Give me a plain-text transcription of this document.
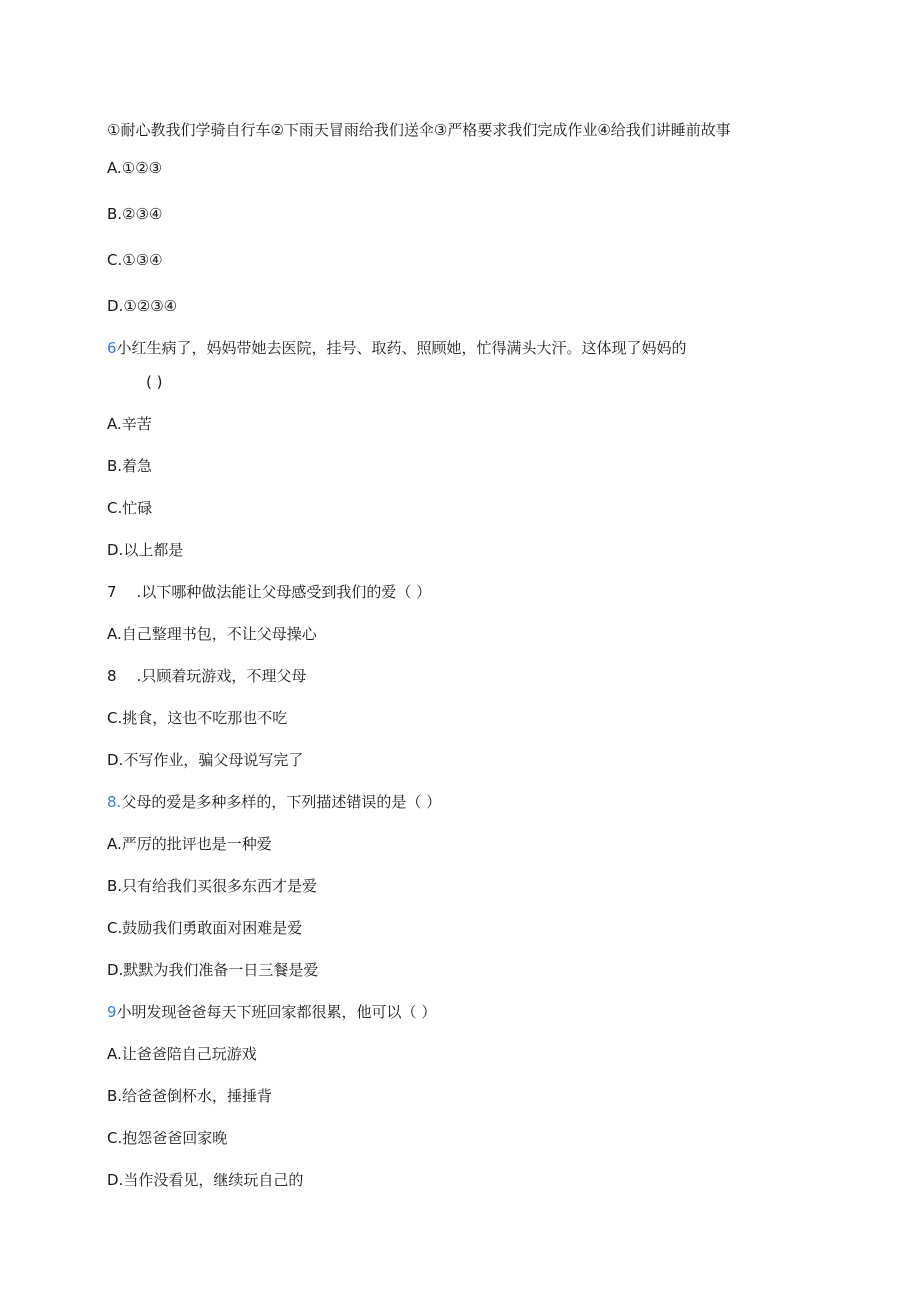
①耐心教我们学骑自行车②下雨天冒雨给我们送伞③严格要求我们完成作业④给我们讲睡前故事
A.①②③
B.②③④
C.①③④
D.①②③④
6小红生病了，妈妈带她去医院，挂号、取药、照顾她，忙得满头大汗。这体现了妈妈的
( )
A.辛苦
B.着急
C.忙碌
D.以上都是
7 .以下哪种做法能让父母感受到我们的爱（ ）
A.自己整理书包，不让父母操心
8 .只顾着玩游戏，不理父母
C.挑食，这也不吃那也不吃
D.不写作业，骗父母说写完了
8.父母的爱是多种多样的，下列描述错误的是（ ）
A.严厉的批评也是一种爱
B.只有给我们买很多东西才是爱
C.鼓励我们勇敢面对困难是爱
D.默默为我们准备一日三餐是爱
9小明发现爸爸每天下班回家都很累，他可以（ ）
A.让爸爸陪自己玩游戏
B.给爸爸倒杯水，捶捶背
C.抱怨爸爸回家晚
D.当作没看见，继续玩自己的
